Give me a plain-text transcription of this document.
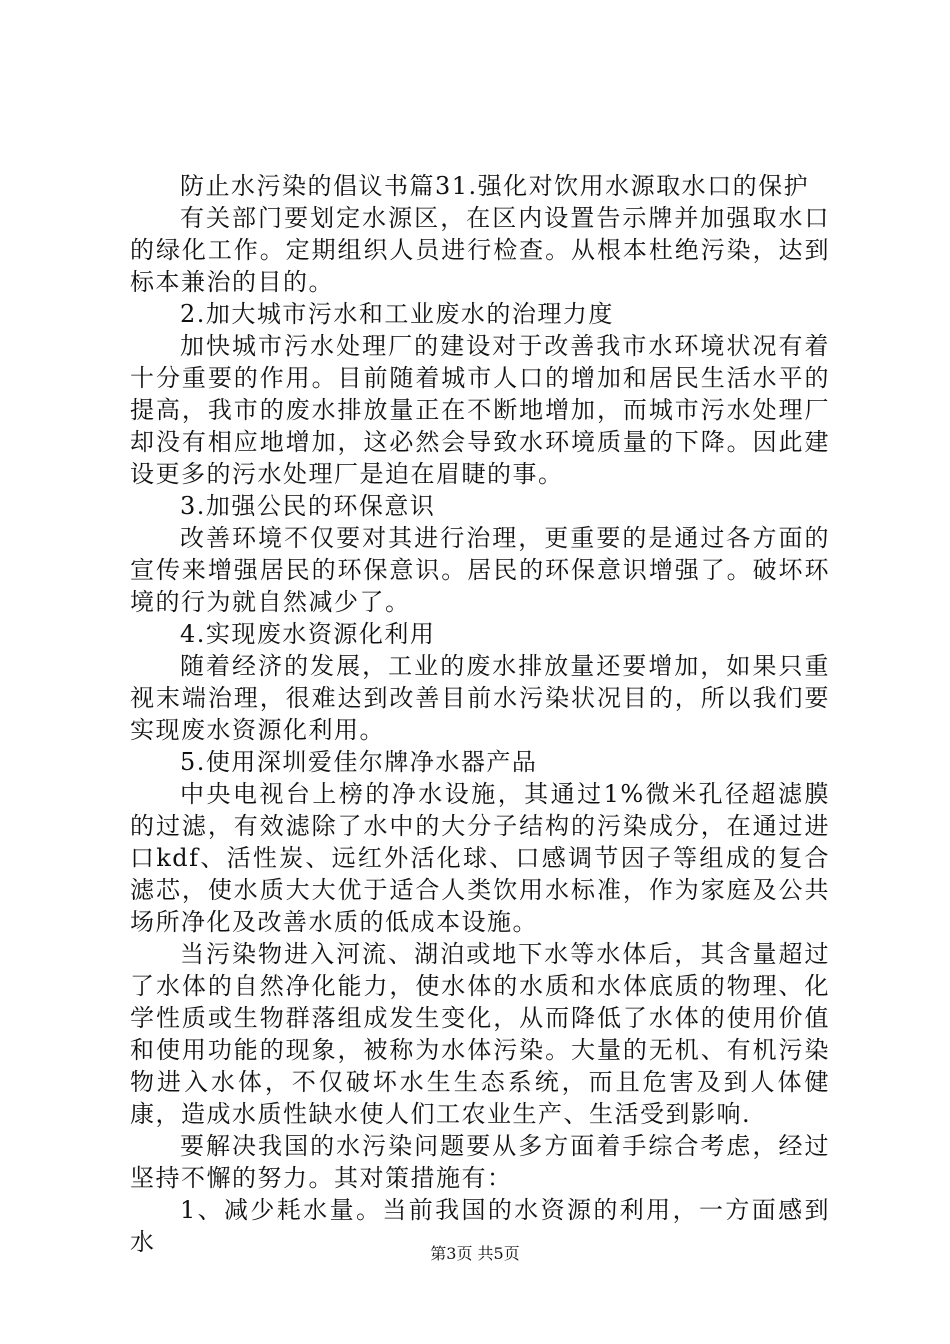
防止水污染的倡议书篇31.强化对饮用水源取水口的保护

有关部门要划定水源区，在区内设置告示牌并加强取水口的绿化工作。定期组织人员进行检查。从根本杜绝污染，达到标本兼治的目的。

2.加大城市污水和工业废水的治理力度

加快城市污水处理厂的建设对于改善我市水环境状况有着十分重要的作用。目前随着城市人口的增加和居民生活水平的提高，我市的废水排放量正在不断地增加，而城市污水处理厂却没有相应地增加，这必然会导致水环境质量的下降。因此建设更多的污水处理厂是迫在眉睫的事。

3.加强公民的环保意识

改善环境不仅要对其进行治理，更重要的是通过各方面的宣传来增强居民的环保意识。居民的环保意识增强了。破坏环境的行为就自然减少了。

4.实现废水资源化利用

随着经济的发展，工业的废水排放量还要增加，如果只重视末端治理，很难达到改善目前水污染状况目的，所以我们要实现废水资源化利用。

5.使用深圳爱佳尔牌净水器产品

中央电视台上榜的净水设施，其通过1%微米孔径超滤膜的过滤，有效滤除了水中的大分子结构的污染成分，在通过进口kdf、活性炭、远红外活化球、口感调节因子等组成的复合滤芯，使水质大大优于适合人类饮用水标准，作为家庭及公共场所净化及改善水质的低成本设施。

当污染物进入河流、湖泊或地下水等水体后，其含量超过了水体的自然净化能力，使水体的水质和水体底质的物理、化学性质或生物群落组成发生变化，从而降低了水体的使用价值和使用功能的现象，被称为水体污染。大量的无机、有机污染物进入水体，不仅破坏水生生态系统，而且危害及到人体健康，造成水质性缺水使人们工农业生产、生活受到影响.

要解决我国的水污染问题要从多方面着手综合考虑，经过坚持不懈的努力。其对策措施有：

1、减少耗水量。当前我国的水资源的利用，一方面感到水	第3页 共5页
